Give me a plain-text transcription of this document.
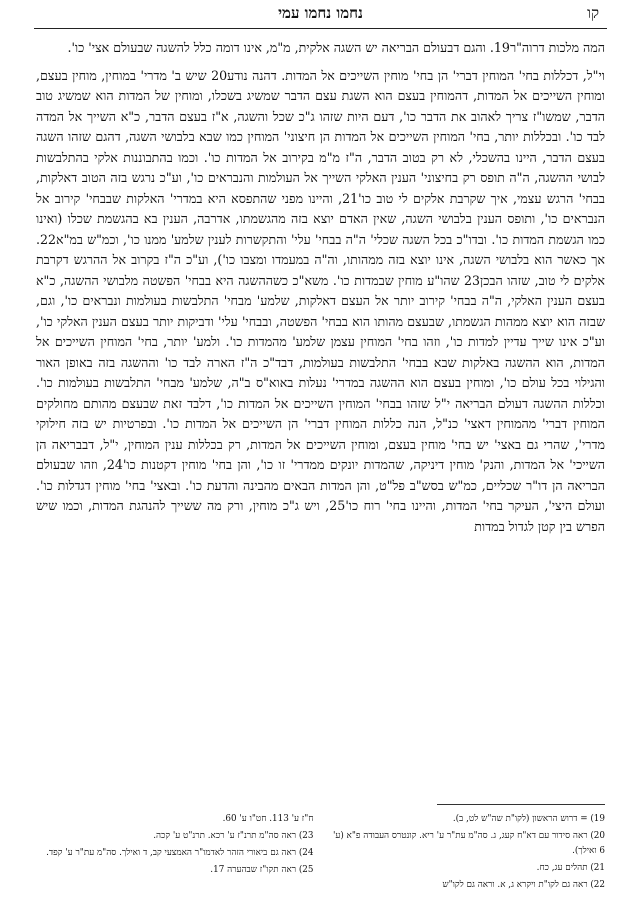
נחמו נחמו עמי	קו

המה מלכות דרוה"ר19. והגם דבעולם הבריאה יש השגה אלקית, מ"מ, אינו דומה כלל להשגה שבעולם אצי' כו'.

וי"ל, דכללות בחי' המוחין דברי' הן בחי' מוחין השייכים אל המדות. דהנה נודע20 שיש ב' מדרי' במוחין, מוחין בעצם, ומוחין השייכים אל המדות, דהמוחין בעצם הוא השגת עצם הדבר שמשיג בשכלו, ומוחין של המדות הוא שמשיג טוב הדבר, שמשו"ז צריך לאהוב את הדבר כו', דעם היות שזהו ג"כ שכל והשגה, א"ז בעצם הדבר, כ"א השייך אל המדה לבד כו'. ובכללות יותר, בחי' המוחין השייכים אל המדות הן חיצוני' המוחין כמו שבא בלבושי השגה, דהגם שזהו השגה בעצם הדבר, היינו בהשכלי, לא רק בטוב הדבר, ה"ז מ"מ בקירוב אל המדות כו'. וכמו בהתבוננות אלקי בהתלבשות לבושי ההשגה, ה"ה תופס רק בחיצוני' הענין האלקי השייך אל העולמות והנבראים כו', וע"כ נרגש בזה הטוב דאלקות, בבחי' הרגש עצמי, איך שקרבת אלקים לי טוב כו'21, והיינו מפני שהתפסא היא במדרי' האלקות שבבחי' קירוב אל הנבראים כו', ותופס הענין בלבושי השגה, שאין האדם יוצא בזה מהגשמתו, אדרבה, הענין בא בהגשמת שכלו (ואינו כמו הגשמת המדות כו'. ובדו"כ בכל השגה שכלי' ה"ה בבחי' עלי' והתקשרות לענין שלמע' ממנו כו', וכמ"ש במ"א22. אך כאשר הוא בלבושי השגה, אינו יוצא בזה ממהותו, וה"ה במעמדו ומצבו כו'), וע"כ ה"ז בקרוב אל ההרגש דקרבת אלקים לי טוב, שזהו הבכן23 שהו"ע מוחין שבמדות כו'. משא"כ כשההשגה היא בבחי' הפשטה מלבושי ההשגה, כ"א בעצם הענין האלקי, ה"ה בבחי' קירוב יותר אל העצם דאלקות, שלמע' מבחי' התלבשות בעולמות ונבראים כו', וגם, שבזה הוא יוצא ממהות הגשמתו, שבעצם מהותו הוא בבחי' הפשטה, ובבחי' עלי' ודביקות יותר בעצם הענין האלקי כו', וע"כ אינו שייך עדיין למדות כו', וזהו בחי' המוחין עצמן שלמע' מהמדות כו'. ולמע' יותר, בחי' המוחין השייכים אל המדות, הוא ההשגה באלקות שבא בבחי' התלבשות בעולמות, דבד"כ ה"ז הארה לבד כו' וההשגה בזה באופן האור והגילוי בכל עולם כו', ומוחין בעצם הוא ההשגה במדרי' נעלות באוא"ס ב"ה, שלמע' מבחי' התלבשות בעולמות כו'. וכללות ההשגה דעולם הבריאה י"ל שזהו בבחי' המוחין השייכים אל המדות כו', דלבד זאת שבעצם מהותם מחולקים המוחין דברי' מהמוחין דאצי' כנ"ל, הנה כללות המוחין דברי' הן השייכים אל המדות כו'. ובפרטיות יש בזה חילוקי מדרי', שהרי גם באצי' יש בחי' מוחין בעצם, ומוחין השייכים אל המדות, רק בכללות ענין המוחין, י"ל, דבבריאה הן השייכי' אל המדות, והנק' מוחין דיניקה, שהמדות יונקים ממדרי' זו כו', והן בחי' מוחין דקטנות כו'24, וזהו שבעולם הבריאה הן דו"ר שכליים, כמ"ש בסש"ב פל"ט, והן המדות הבאים מהבינה והדעת כו'. ובאצי' בחי' מוחין דגדלות כו'. ועולם היצי', העיקר בחי' המדות, והיינו בחי' רוח כו'25, ויש ג"כ מוחין, ורק מה ששייך להנהגת המדות, וכמו שיש הפרש בין קטן לגדול במדות

19) = דרוש הראשון (לקו"ת שה"ש לט, ב).
20) ראה סידור עם דא"ח קעג, ג. סה"מ עת"ר ע' ריא. קונטרס העבודה פ"א (ע' 6 ואילך).
21) תהלים עג, כח.
22) ראה גם לקו"ת ויקרא ג, א. וראה גם לקו"ש
ח"ז ע' 113. חט"ו ע' 60.
23) ראה סה"מ תרנ"ז ע' רכא. תרנ"ט ע' קכה.
24) ראה גם ביאורי הזהר לאדמו"ר האמצעי קב, ד ואילך. סה"מ עת"ר ע' קפד.
25) ראה תקו"ז שבהערה 17.
